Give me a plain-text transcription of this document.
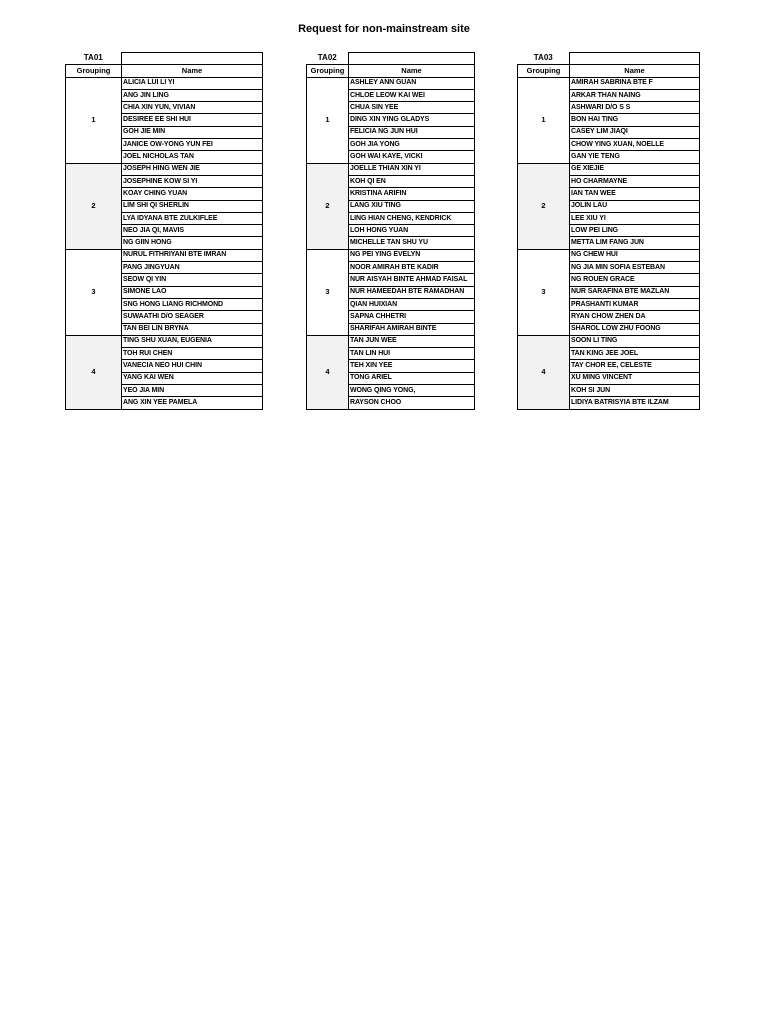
Request for non-mainstream site
TA01	
Grouping	Name
1	ALICIA LUI LI YI
	ANG JIN LING
	CHIA XIN YUN, VIVIAN
	DESIREE EE SHI HUI
	GOH JIE MIN
	JANICE OW-YONG YUN FEI
	JOEL NICHOLAS TAN
2	JOSEPH HING WEN JIE
	JOSEPHINE KOW SI YI
	KOAY CHING YUAN
	LIM SHI QI SHERLIN
	LYA IDYANA BTE ZULKIFLEE
	NEO JIA QI, MAVIS
	NG GIIN HONG
3	NURUL FITHRIYANI BTE IMRAN
	PANG JINGYUAN
	SEOW QI YIN
	SIMONE LAO
	SNG HONG LIANG RICHMOND
	SUWAATHI D/O SEAGER
	TAN BEI LIN BRYNA
4	TING SHU XUAN, EUGENIA
	TOH RUI CHEN
	VANECIA NEO HUI CHIN
	YANG KAI WEN
	YEO JIA MIN
	ANG XIN YEE PAMELA
TA02	
Grouping	Name
1	ASHLEY ANN GUAN
	CHLOE LEOW KAI WEI
	CHUA SIN YEE
	DING XIN YING GLADYS
	FELICIA NG JUN HUI
	GOH JIA YONG
	GOH WAI KAYE, VICKI
2	JOELLE THIAN XIN YI
	KOH QI EN
	KRISTINA ARIFIN
	LANG XIU TING
	LING HIAN CHENG, KENDRICK
	LOH HONG YUAN
	MICHELLE TAN SHU YU
3	NG PEI YING EVELYN
	NOOR AMIRAH BTE KADIR
	NUR AISYAH BINTE AHMAD FAISAL
	NUR HAMEEDAH BTE RAMADHAN
	QIAN HUIXIAN
	SAPNA CHHETRI
	SHARIFAH AMIRAH BINTE
4	TAN JUN WEE
	TAN LIN HUI
	TEH XIN YEE
	TONG ARIEL
	WONG QING YONG,
	RAYSON CHOO
TA03	
Grouping	Name
1	AMIRAH SABRINA BTE F
	ARKAR THAN NAING
	ASHWARI D/O S S
	BON HAI TING
	CASEY LIM JIAQI
	CHOW YING XUAN, NOELLE
	GAN YIE TENG
2	GE XIEJIE
	HO CHARMAYNE
	IAN TAN WEE
	JOLIN LAU
	LEE XIU YI
	LOW PEI LING
	METTA LIM FANG JUN
3	NG CHEW HUI
	NG JIA MIN SOFIA ESTEBAN
	NG ROUEN GRACE
	NUR SARAFINA BTE MAZLAN
	PRASHANTI KUMAR
	RYAN CHOW ZHEN DA
	SHAROL LOW ZHU FOONG
4	SOON LI TING
	TAN KING JEE JOEL
	TAY CHOR EE, CELESTE
	XU MING VINCENT
	KOH SI JUN
	LIDIYA BATRISYIA BTE ILZAM
